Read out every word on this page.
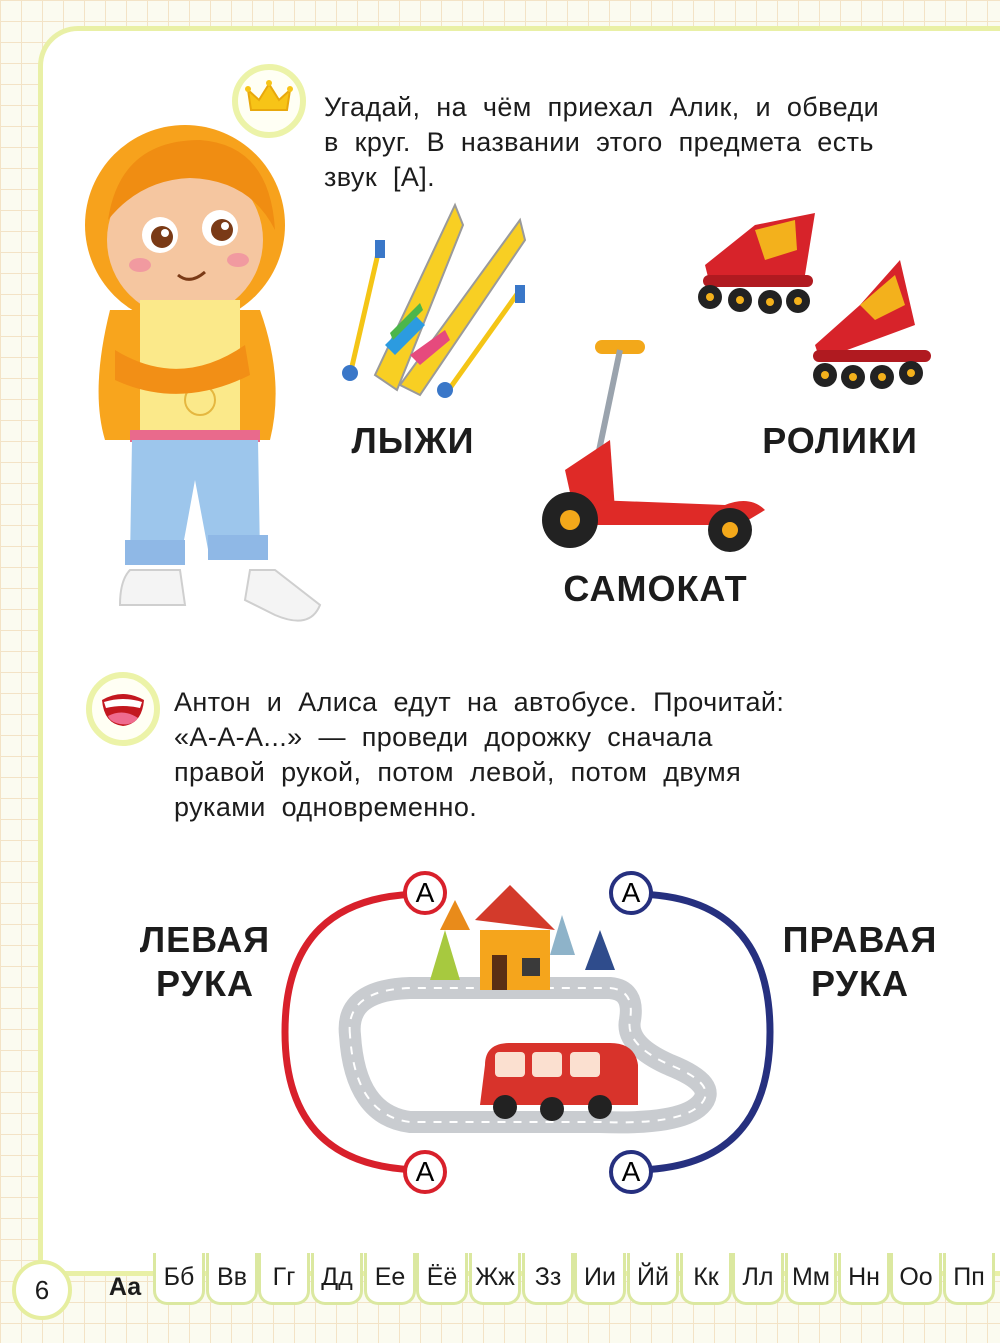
Угадай, на чём приехал Алик, и обведи
в круг. В названии этого предмета есть
звук [А].
ЛЫЖИ	РОЛИКИ
САМОКАТ
Антон и Алиса едут на автобусе. Прочитай:
«А-А-А...» — проведи дорожку сначала
правой рукой, потом левой, потом двумя
руками одновременно.
ЛЕВАЯ
РУКА
ПРАВАЯ
РУКА
А	А
А	А
6	Аа Бб Вв	Гг	Дд Ее Ёё Жж Зз Ии Йй Кк Лл Мм Нн Оо Пп
